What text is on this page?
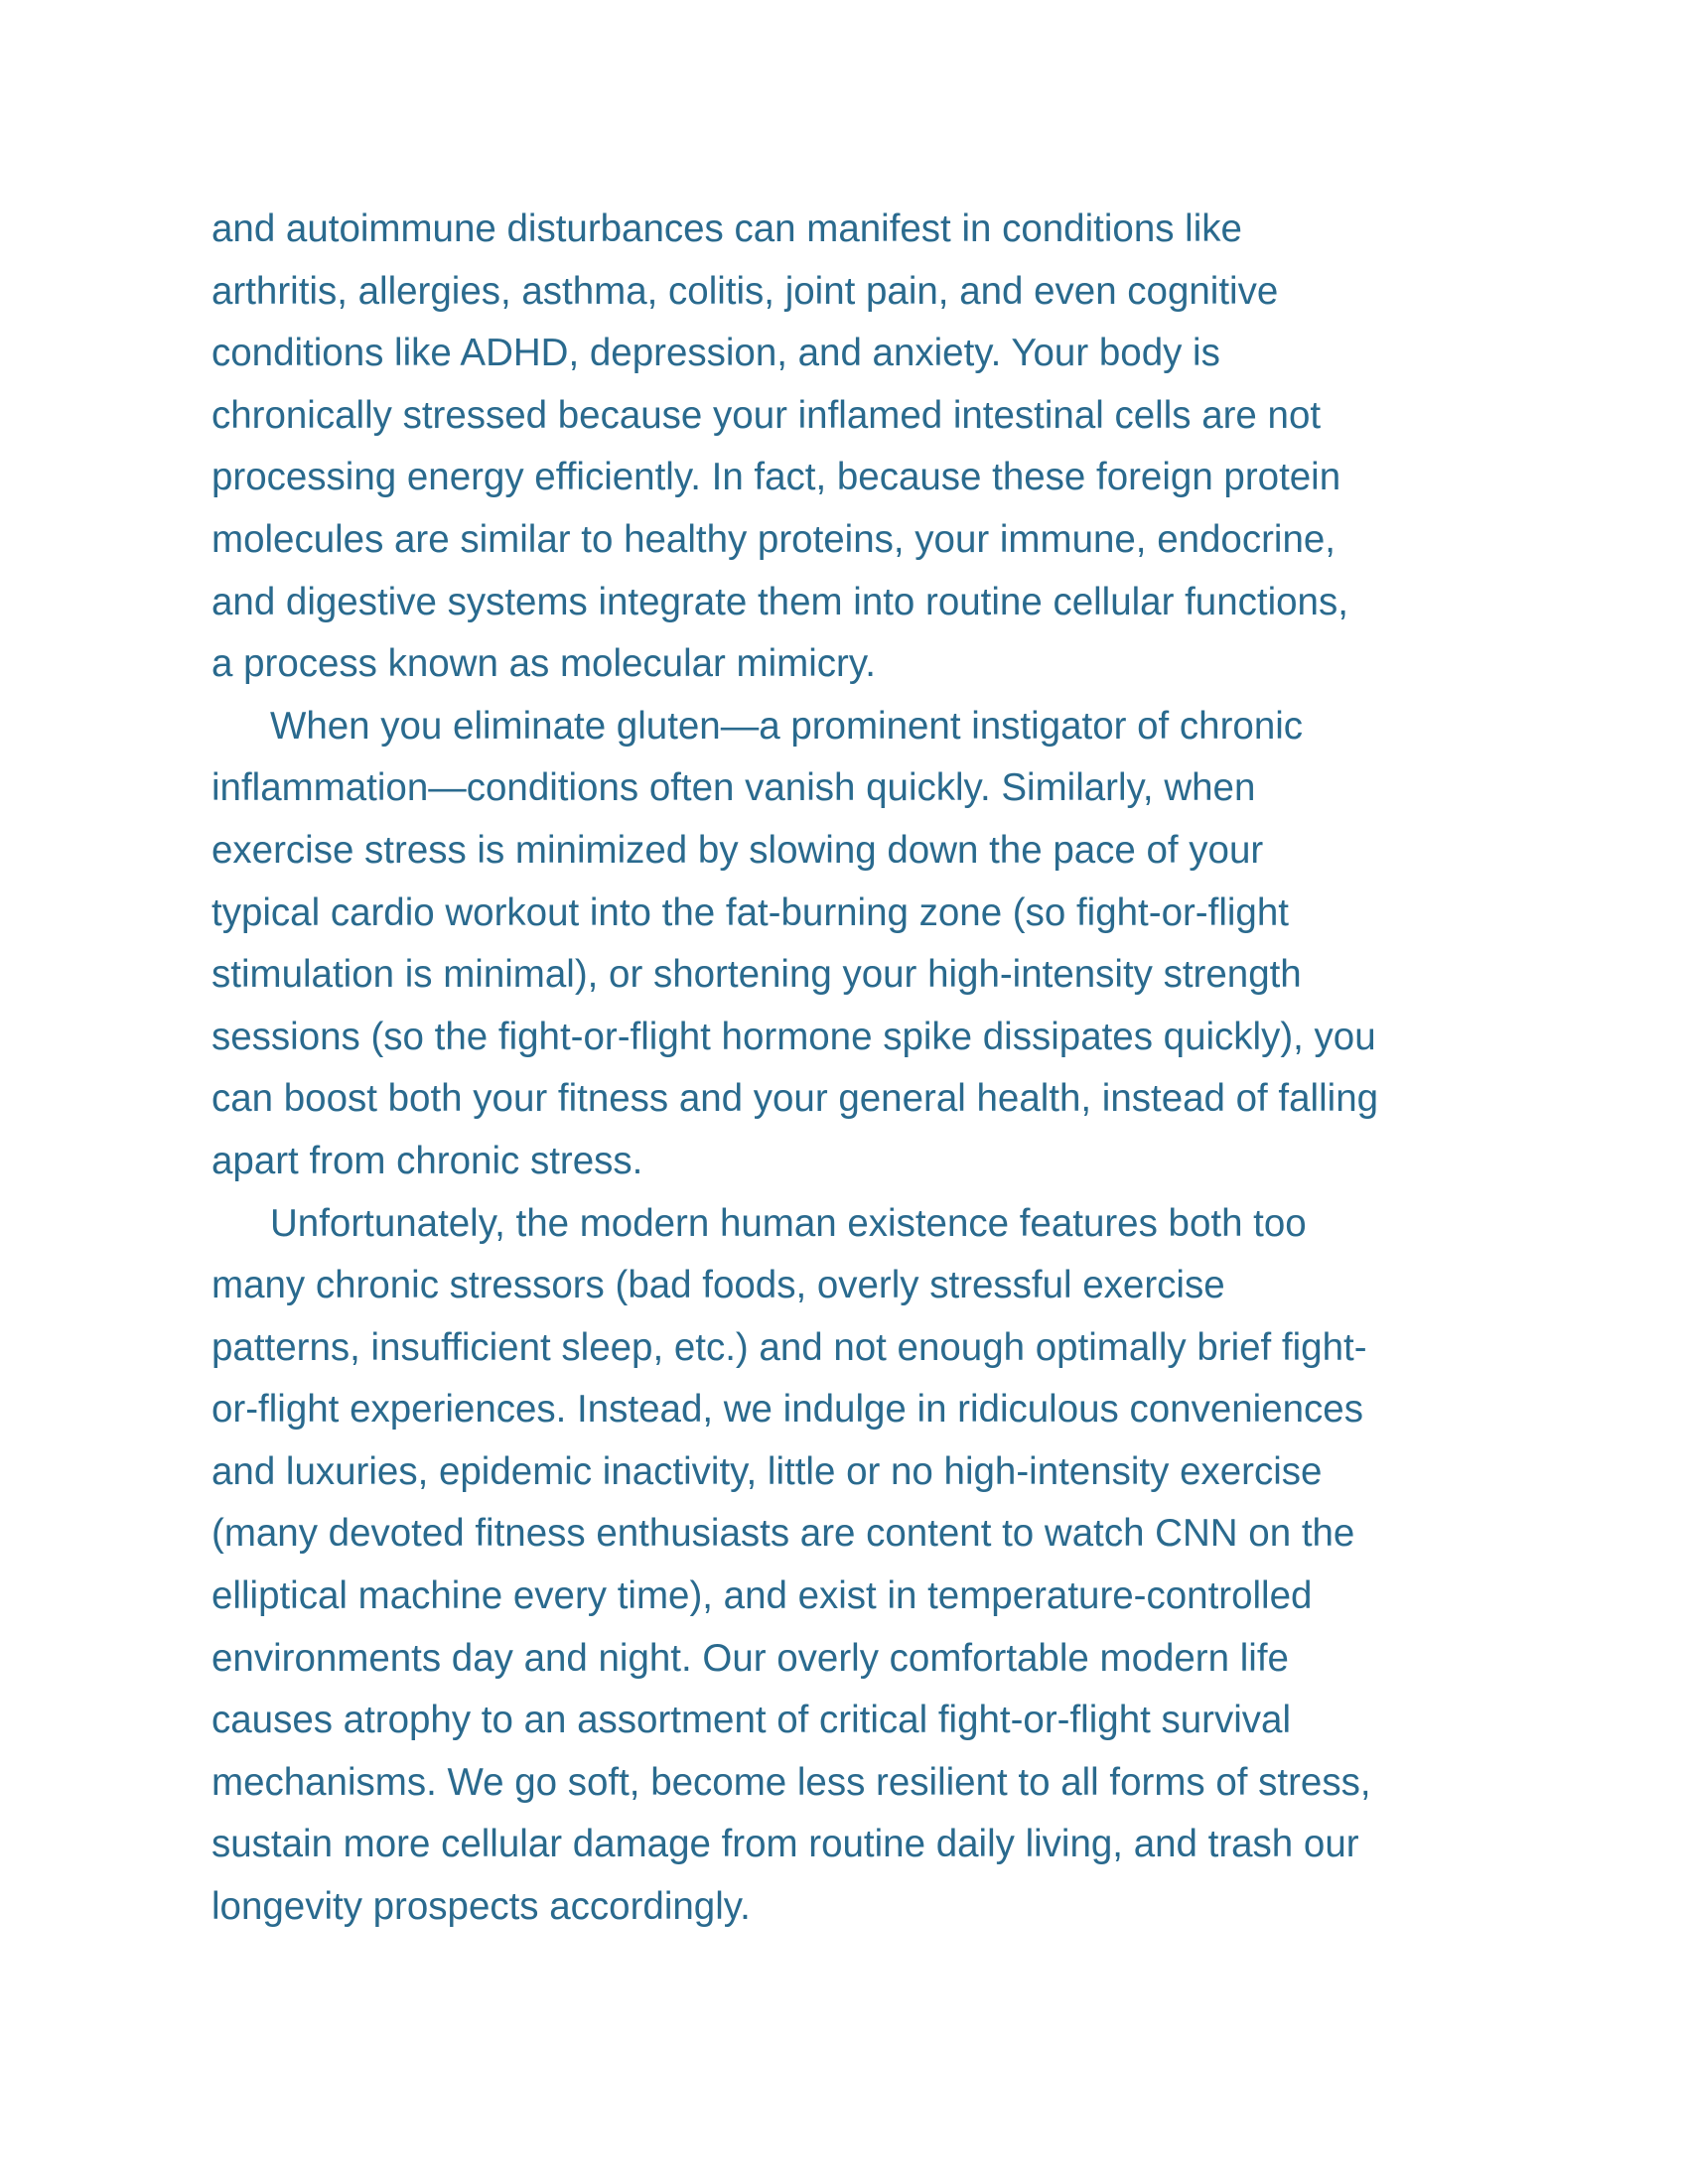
and autoimmune disturbances can manifest in conditions like
arthritis, allergies, asthma, colitis, joint pain, and even cognitive
conditions like ADHD, depression, and anxiety. Your body is
chronically stressed because your inflamed intestinal cells are not
processing energy efficiently. In fact, because these foreign protein
molecules are similar to healthy proteins, your immune, endocrine,
and digestive systems integrate them into routine cellular functions,
a process known as molecular mimicry.

When you eliminate gluten—a prominent instigator of chronic
inflammation—conditions often vanish quickly. Similarly, when
exercise stress is minimized by slowing down the pace of your
typical cardio workout into the fat-burning zone (so fight-or-flight
stimulation is minimal), or shortening your high-intensity strength
sessions (so the fight-or-flight hormone spike dissipates quickly), you
can boost both your fitness and your general health, instead of falling
apart from chronic stress.

Unfortunately, the modern human existence features both too
many chronic stressors (bad foods, overly stressful exercise
patterns, insufficient sleep, etc.) and not enough optimally brief fight-
or-flight experiences. Instead, we indulge in ridiculous conveniences
and luxuries, epidemic inactivity, little or no high-intensity exercise
(many devoted fitness enthusiasts are content to watch CNN on the
elliptical machine every time), and exist in temperature-controlled
environments day and night. Our overly comfortable modern life
causes atrophy to an assortment of critical fight-or-flight survival
mechanisms. We go soft, become less resilient to all forms of stress,
sustain more cellular damage from routine daily living, and trash our
longevity prospects accordingly.
